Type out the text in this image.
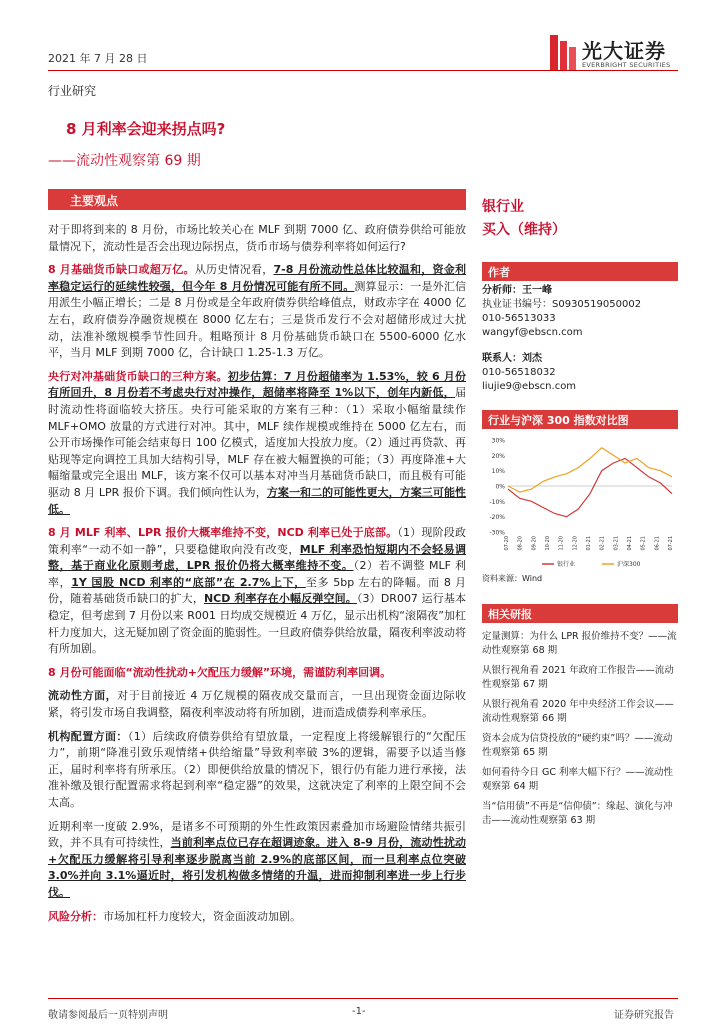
2021 年 7 月 28 日	光大证券
EVERBRIGHT SECURITIES
行业研究
8 月利率会迎来拐点吗?
——流动性观察第 69 期
主要观点

对于即将到来的 8 月份，市场比较关心在 MLF 到期 7000 亿、政府债券供给可能放量情况下，流动性是否会出现边际拐点，货币市场与债券利率将如何运行?

8 月基础货币缺口或超万亿。从历史情况看，7-8 月份流动性总体比较温和，资金利率稳定运行的延续性较强，但今年 8 月份情况可能有所不同。测算显示：一是外汇信用派生小幅正增长；二是 8 月份或是全年政府债券供给峰值点，财政赤字在 4000 亿左右，政府债券净融资规模在 8000 亿左右；三是货币发行不会对超储形成过大扰动，法准补缴规模季节性回升。粗略预计 8 月份基础货币缺口在 5500-6000 亿水平，当月 MLF 到期 7000 亿，合计缺口 1.25-1.3 万亿。

央行对冲基础货币缺口的三种方案。初步估算：7 月份超储率为 1.53%，较 6 月份有所回升，8 月份若不考虑央行对冲操作，超储率将降至 1%以下，创年内新低，届时流动性将面临较大挤压。央行可能采取的方案有三种：（1）采取小幅缩量续作 MLF+OMO 放量的方式进行对冲。其中，MLF 续作规模或维持在 5000 亿左右，而公开市场操作可能会结束每日 100 亿模式，适度加大投放力度。（2）通过再贷款、再贴现等定向调控工具加大结构引导，MLF 存在被大幅置换的可能；（3）再度降准+大幅缩量或完全退出 MLF，该方案不仅可以基本对冲当月基础货币缺口，而且极有可能驱动 8 月 LPR 报价下调。我们倾向性认为，方案一和二的可能性更大，方案三可能性低。

8 月 MLF 利率、LPR 报价大概率维持不变，NCD 利率已处于底部。（1）现阶段政策利率“一动不如一静”，只要稳健取向没有改变，MLF 利率恐怕短期内不会轻易调整，基于商业化原则考虑，LPR 报价仍将大概率维持不变。（2）若不调整 MLF 利率，1Y 国股 NCD 利率的“底部”在 2.7%上下，至多 5bp 左右的降幅。而 8 月份，随着基础货币缺口的扩大，NCD 利率存在小幅反弹空间。（3）DR007 运行基本稳定，但考虑到 7 月份以来 R001 日均成交规模近 4 万亿，显示出机构“滚隔夜”加杠杆力度加大，这无疑加剧了资金面的脆弱性。一旦政府债券供给放量，隔夜利率波动将有所加剧。

8 月份可能面临“流动性扰动+欠配压力缓解”环境，需谨防利率回调。

流动性方面，对于目前接近 4 万亿规模的隔夜成交量而言，一旦出现资金面边际收紧，将引发市场自我调整，隔夜利率波动将有所加剧，进而造成债券利率承压。

机构配置方面：（1）后续政府债券供给有望放量，一定程度上将缓解银行的“欠配压力”，前期“降准引致乐观情绪+供给缩量”导致利率破 3%的逻辑，需要予以适当修正，届时利率将有所承压。（2）即便供给放量的情况下，银行仍有能力进行承接，法准补缴及银行配置需求将起到利率“稳定器”的效果，这就决定了利率的上限空间不会太高。

近期利率一度破 2.9%，是诸多不可预期的外生性政策因素叠加市场避险情绪共振引致，并不具有可持续性，当前利率点位已存在超调迹象。进入 8-9 月份，流动性扰动+欠配压力缓解将引导利率逐步脱离当前 2.9%的底部区间，而一旦利率点位突破 3.0%并向 3.1%逼近时，将引发机构做多情绪的升温，进而抑制利率进一步上行步伐。

风险分析：市场加杠杆力度较大，资金面波动加剧。

银行业
买入（维持）
作者
分析师：王一峰
执业证书编号：S0930519050002
010-56513033
wangyf@ebscn.com
联系人：刘杰
010-56518032
liujie9@ebscn.com
行业与沪深 300 指数对比图
30%
20%
10%
0%
-10%
-20%
-30%
07-20 08-20 09-20 10-20 11-20 12-20 01-21 02-21 03-21 04-21 05-21 06-21 07-21
银行业	沪深300
资料来源：Wind
相关研报
定量测算：为什么 LPR 报价维持不变？——流动性观察第 68 期
从银行视角看 2021 年政府工作报告——流动性观察第 67 期
从银行视角看 2020 年中央经济工作会议——流动性观察第 66 期
资本会成为信贷投放的“硬约束”吗？——流动性观察第 65 期
如何看待今日 GC 利率大幅下行？——流动性观察第 64 期
当“信用债”不再是“信仰债”：缘起、演化与冲击——流动性观察第 63 期
敬请参阅最后一页特别声明	-1-	证券研究报告
